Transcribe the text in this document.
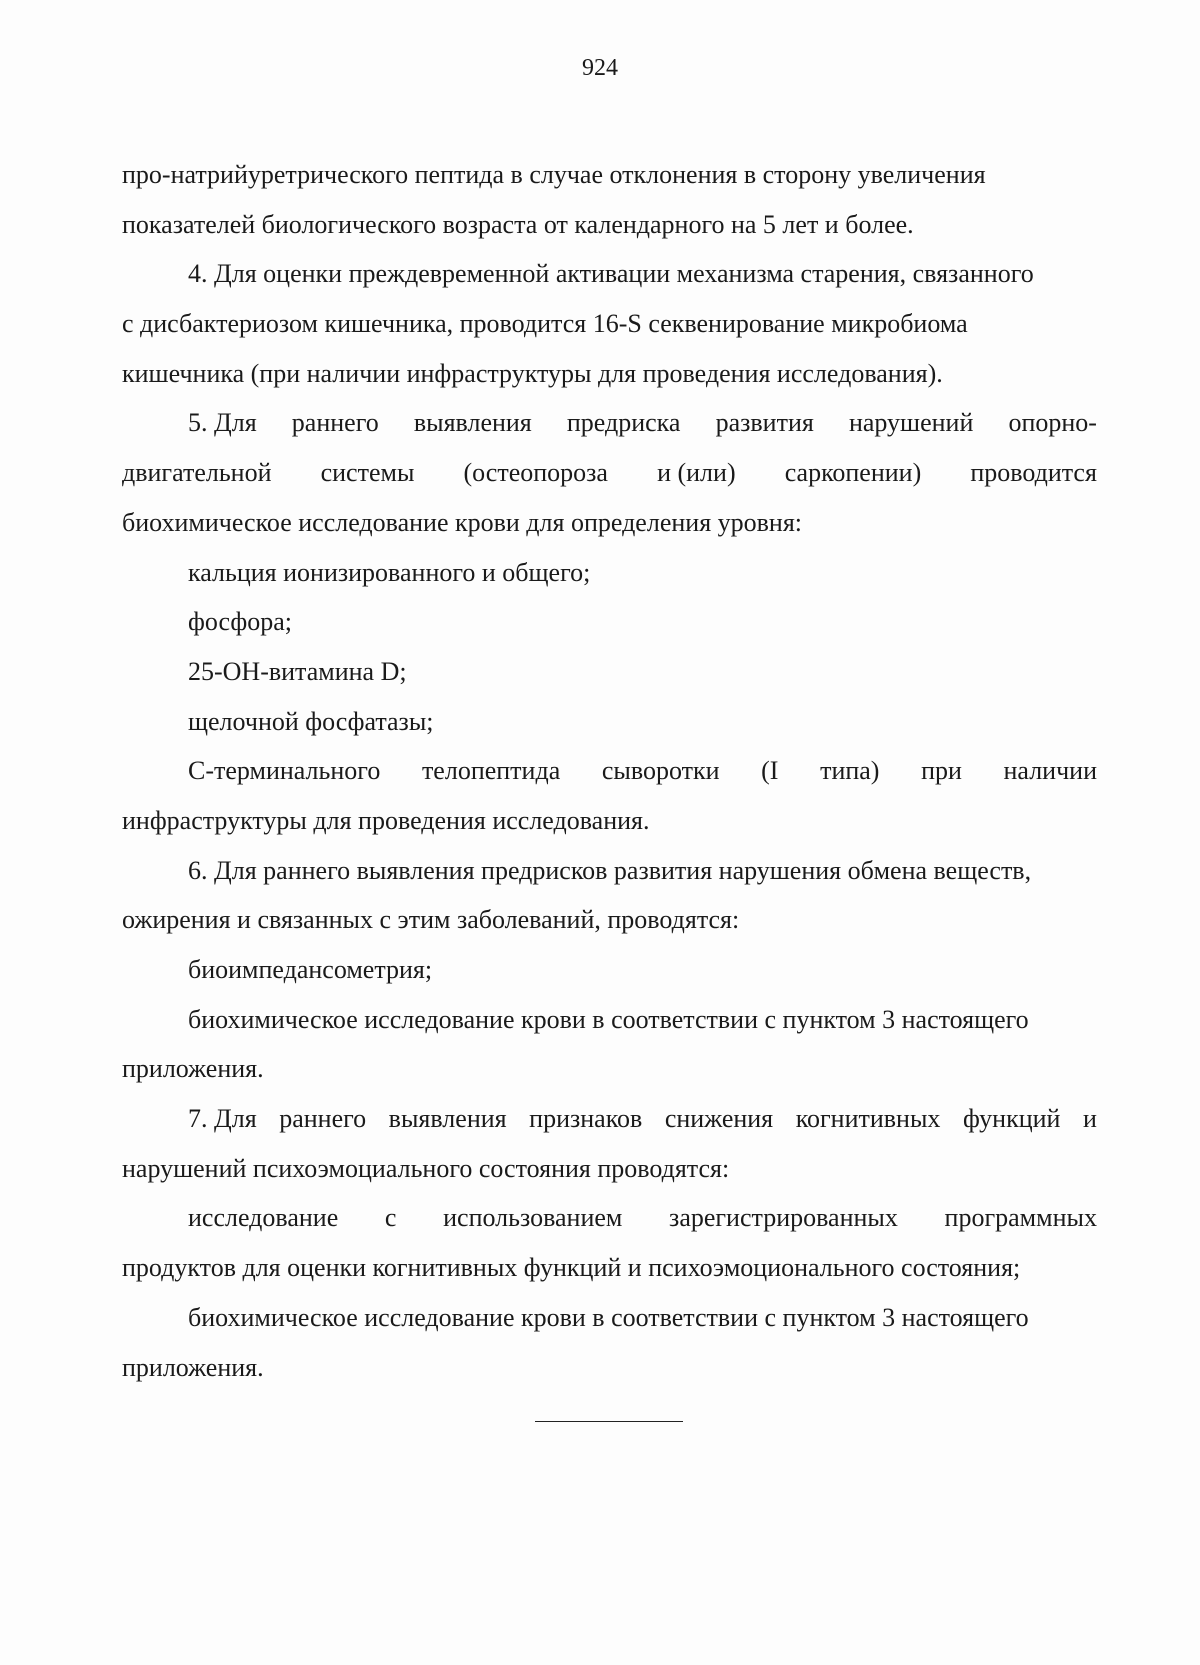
924
про-натрийуретрического пептида в случае отклонения в сторону увеличения
показателей биологического возраста от календарного на 5 лет и более.
4. Для оценки преждевременной активации механизма старения, связанного
с дисбактериозом кишечника, проводится 16-S секвенирование микробиома
кишечника (при наличии инфраструктуры для проведения исследования).
5. Для раннего выявления предриска развития нарушений опорно-
двигательной системы (остеопороза и (или) саркопении) проводится
биохимическое исследование крови для определения уровня:
кальция ионизированного и общего;
фосфора;
25-ОН-витамина D;
щелочной фосфатазы;
С-терминального телопептида сыворотки (I типа) при наличии
инфраструктуры для проведения исследования.
6. Для раннего выявления предрисков развития нарушения обмена веществ,
ожирения и связанных с этим заболеваний, проводятся:
биоимпедансометрия;
биохимическое исследование крови в соответствии с пунктом 3 настоящего
приложения.
7. Для раннего выявления признаков снижения когнитивных функций и
нарушений психоэмоциального состояния проводятся:
исследование с использованием зарегистрированных программных
продуктов для оценки когнитивных функций и психоэмоционального состояния;
биохимическое исследование крови в соответствии с пунктом 3 настоящего
приложения.
